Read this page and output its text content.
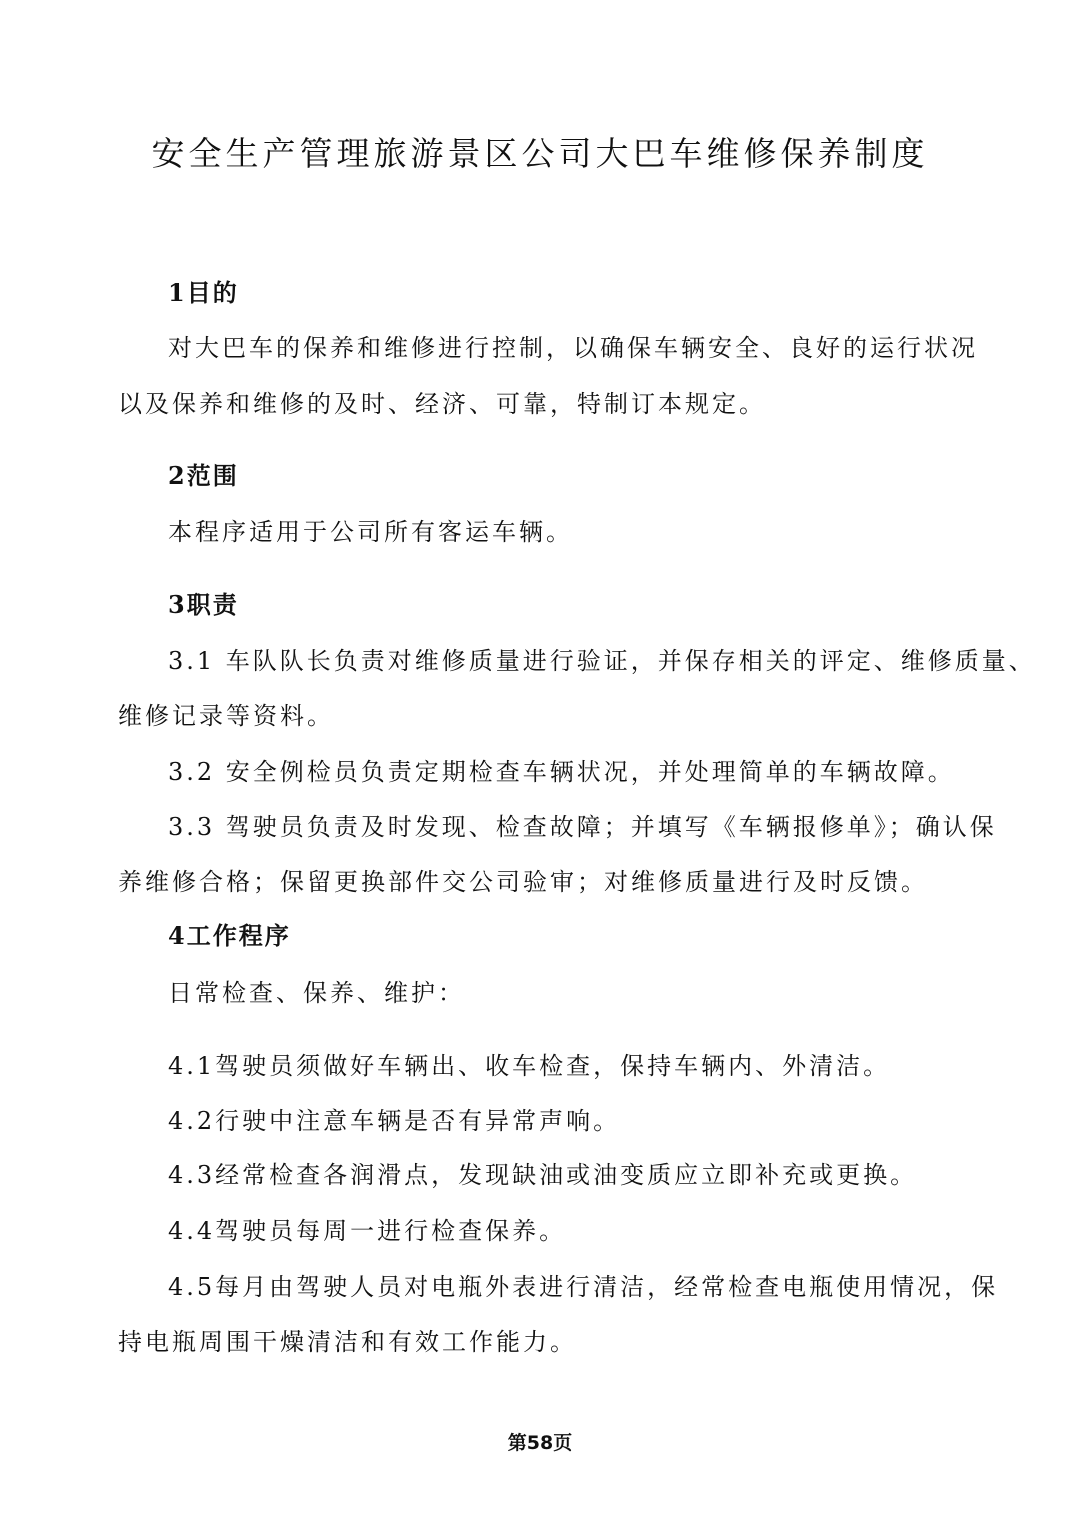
安全生产管理旅游景区公司大巴车维修保养制度

1目的

对大巴车的保养和维修进行控制，以确保车辆安全、良好的运行状况

以及保养和维修的及时、经济、可靠，特制订本规定。

2范围

本程序适用于公司所有客运车辆。

3职责

3.1 车队队长负责对维修质量进行验证，并保存相关的评定、维修质量、

维修记录等资料。

3.2 安全例检员负责定期检查车辆状况，并处理简单的车辆故障。

3.3 驾驶员负责及时发现、检查故障；并填写《车辆报修单》；确认保

养维修合格；保留更换部件交公司验审；对维修质量进行及时反馈。

4工作程序

日常检查、保养、维护：

4.1驾驶员须做好车辆出、收车检查，保持车辆内、外清洁。

4.2行驶中注意车辆是否有异常声响。

4.3经常检查各润滑点，发现缺油或油变质应立即补充或更换。

4.4驾驶员每周一进行检查保养。

4.5每月由驾驶人员对电瓶外表进行清洁，经常检查电瓶使用情况，保

持电瓶周围干燥清洁和有效工作能力。

第58页
